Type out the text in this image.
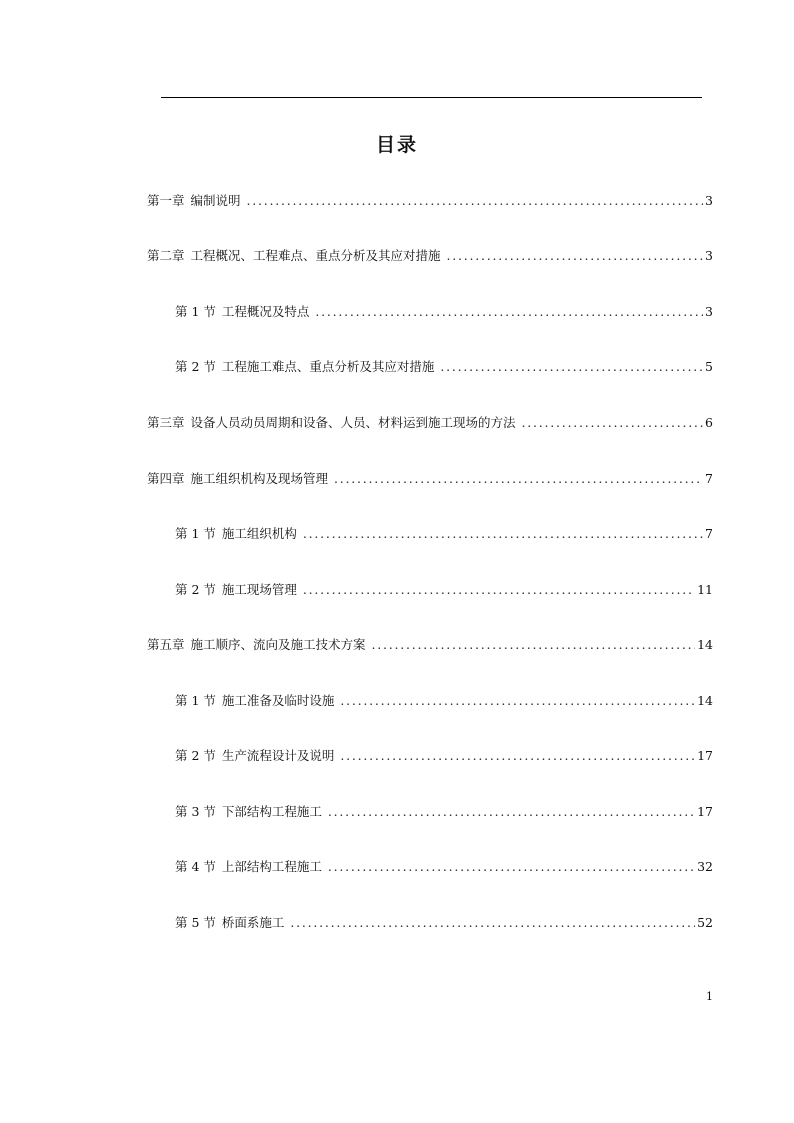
目录
第一章 编制说明 . . .	3
第二章 工程概况、工程难点、重点分析及其应对措施 . . .	3
第 1 节 工程概况及特点 . . .	3
第 2 节 工程施工难点、重点分析及其应对措施 . . .	5
第三章 设备人员动员周期和设备、人员、材料运到施工现场的方法 . . .	6
第四章 施工组织机构及现场管理 . . .	7
第 1 节 施工组织机构 . . .	7
第 2 节 施工现场管理 . . .	11
第五章 施工顺序、流向及施工技术方案 . . .	14
第 1 节 施工准备及临时设施 . . .	14
第 2 节 生产流程设计及说明 . . .	17
第 3 节 下部结构工程施工 . . .	17
第 4 节 上部结构工程施工 . . .	32
第 5 节 桥面系施工 . . .	52
1
